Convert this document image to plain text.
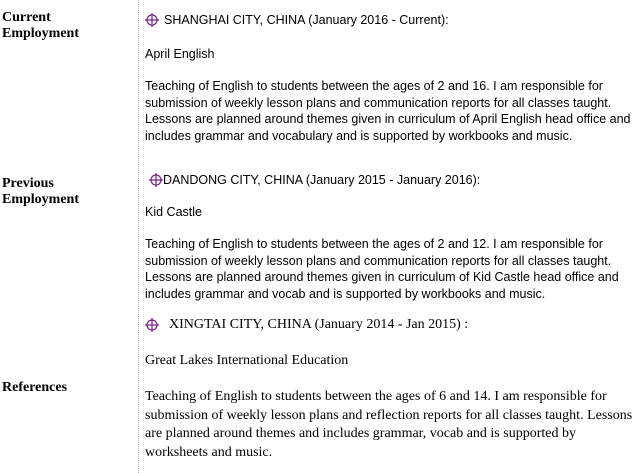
Current Employment
Previous Employment
References
SHANGHAI CITY, CHINA (January 2016 - Current):
April English
Teaching of English to students between the ages of 2 and 16. I am responsible for submission of weekly lesson plans and communication reports for all classes taught. Lessons are planned around themes given in curriculum of April English head office and includes grammar and vocabulary and is supported by workbooks and music.
DANDONG CITY, CHINA (January 2015 - January 2016):
Kid Castle
Teaching of English to students between the ages of 2 and 12. I am responsible for submission of weekly lesson plans and communication reports for all classes taught. Lessons are planned around themes given in curriculum of Kid Castle head office and includes grammar and vocab and is supported by workbooks and music.
XINGTAI CITY, CHINA (January 2014 - Jan 2015) :
Great Lakes International Education
Teaching of English to students between the ages of 6 and 14. I am responsible for submission of weekly lesson plans and reflection reports for all classes taught. Lessons are planned around themes and includes grammar, vocab and is supported by worksheets and music.
